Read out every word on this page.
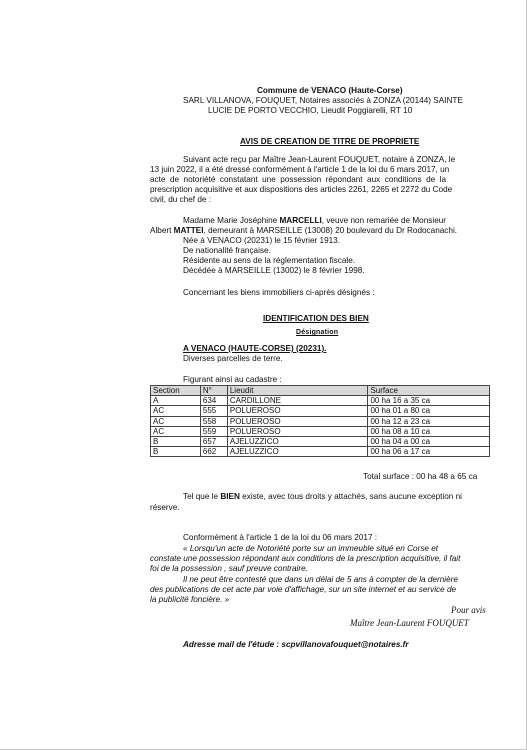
Commune de VENACO (Haute-Corse)
SARL VILLANOVA, FOUQUET, Notaires associés à ZONZA (20144) SAINTE
LUCIE DE PORTO VECCHIO, Lieudit Poggiarelli, RT 10
AVIS DE CREATION DE TITRE DE PROPRIETE
Suivant acte reçu par Maître Jean-Laurent FOUQUET, notaire à ZONZA, le
13 juin 2022, il a été dressé conformément à l'article 1 de la loi du 6 mars 2017, un
acte de notoriété constatant une possession répondant aux conditions de la
prescription acquisitive et aux dispositions des articles 2261, 2265 et 2272 du Code
civil, du chef de :
Madame Marie Joséphine MARCELLI, veuve non remariée de Monsieur
Albert MATTEI, demeurant à MARSEILLE (13008) 20 boulevard du Dr Rodocanachi.
Née à VENACO (20231) le 15 février 1913.
De nationalité française.
Résidente au sens de la réglementation fiscale.
Décédée à MARSEILLE (13002) le 8 février 1998.
Concernant les biens immobiliers ci-après désignés :
IDENTIFICATION DES BIEN
Désignation
A VENACO (HAUTE-CORSE) (20231).
Diverses parcelles de terre.
Figurant ainsi au cadastre :
Section	N°	Lieudit	Surface
A	634	CARDILLONE	00 ha 16 a 35 ca
AC	555	POLUEROSO	00 ha 01 a 80 ca
AC	558	POLUEROSO	00 ha 12 a 23 ca
AC	559	POLUEROSO	00 ha 08 a 10 ca
B	657	AJELUZZICO	00 ha 04 a 00 ca
B	662	AJELUZZICO	00 ha 06 a 17 ca
Total surface : 00 ha 48 a 65 ca
Tel que le BIEN existe, avec tous droits y attachés, sans aucune exception ni
réserve.
Conformément à l'article 1 de la loi du 06 mars 2017 :
« Lorsqu'un acte de Notoriété porte sur un immeuble situé en Corse et
constate une possession répondant aux conditions de la prescription acquisitive, il fait
foi de la possession , sauf preuve contraire.
Il ne peut être contesté que dans un délai de 5 ans à compter de la dernière
des publications de cet acte par voie d'affichage, sur un site internet et au service de
la publicité foncière. »
Pour avis
Maître Jean-Laurent FOUQUET
Adresse mail de l'étude : scpvillanovafouquet@notaires.fr
